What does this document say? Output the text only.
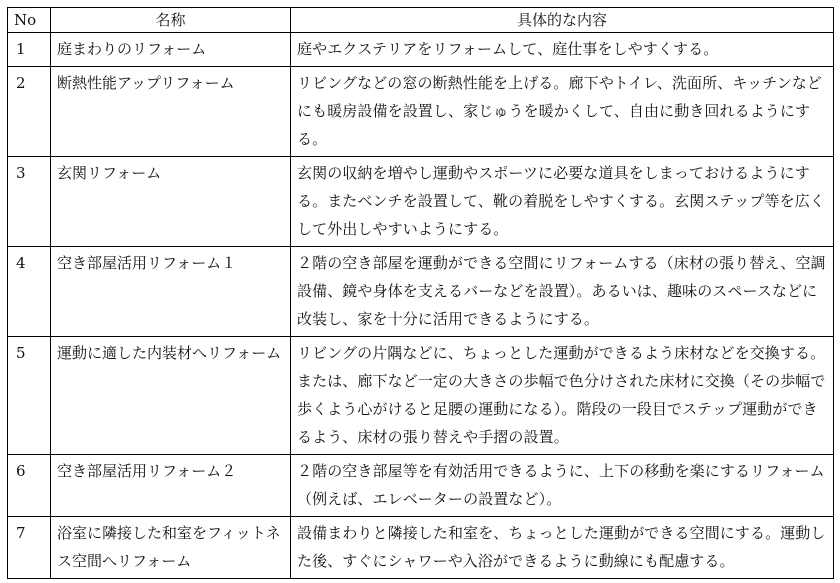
No	名称	具体的な内容
1	庭まわりのリフォーム	庭やエクステリアをリフォームして、庭仕事をしやすくする。
2	断熱性能アップリフォーム	リビングなどの窓の断熱性能を上げる。廊下やトイレ、洗面所、キッチンなどにも暖房設備を設置し、家じゅうを暖かくして、自由に動き回れるようにする。
3	玄関リフォーム	玄関の収納を増やし運動やスポーツに必要な道具をしまっておけるようにする。またベンチを設置して、靴の着脱をしやすくする。玄関ステップ等を広くして外出しやすいようにする。
4	空き部屋活用リフォーム１	２階の空き部屋を運動ができる空間にリフォームする（床材の張り替え、空調設備、鏡や身体を支えるバーなどを設置）。あるいは、趣味のスペースなどに改装し、家を十分に活用できるようにする。
5	運動に適した内装材へリフォーム	リビングの片隅などに、ちょっとした運動ができるよう床材などを交換する。または、廊下など一定の大きさの歩幅で色分けされた床材に交換（その歩幅で歩くよう心がけると足腰の運動になる）。階段の一段目でステップ運動ができるよう、床材の張り替えや手摺の設置。
6	空き部屋活用リフォーム２	２階の空き部屋等を有効活用できるように、上下の移動を楽にするリフォーム（例えば、エレベーターの設置など）。
7	浴室に隣接した和室をフィットネス空間へリフォーム	設備まわりと隣接した和室を、ちょっとした運動ができる空間にする。運動した後、すぐにシャワーや入浴ができるように動線にも配慮する。
